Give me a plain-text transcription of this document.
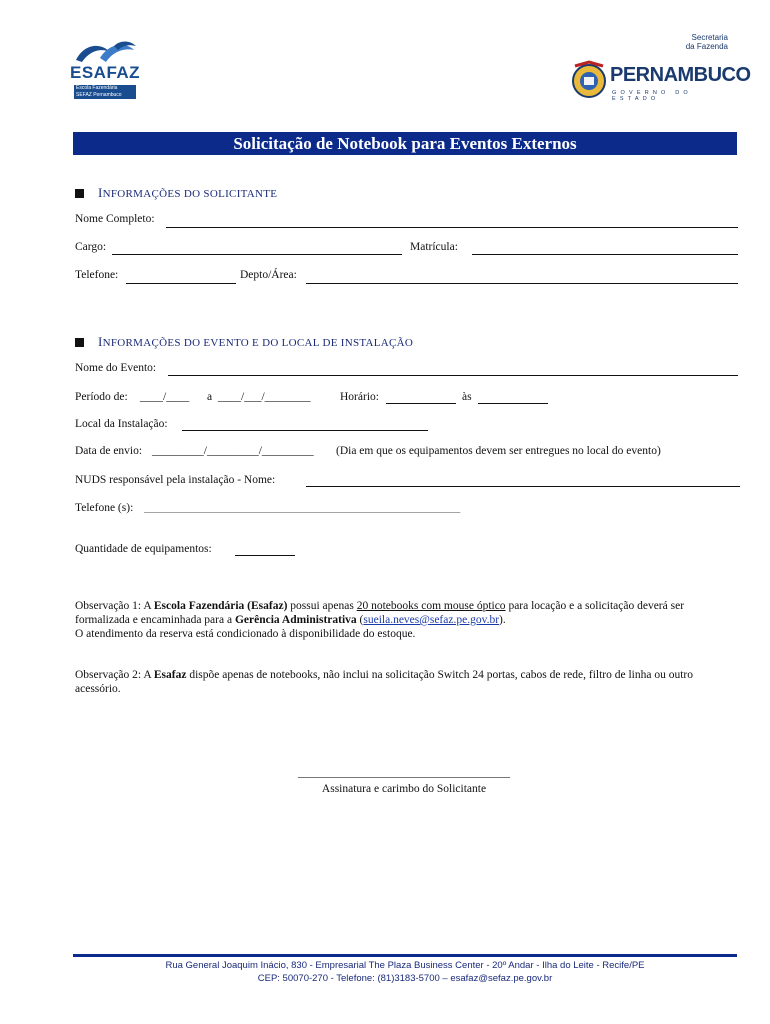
ESAFAZ
Escola Fazendária
SEFAZ Pernambuco
Secretaria
da Fazenda
PERNAMBUCO
GOVERNO DO ESTADO
Solicitação de Notebook para Eventos Externos
INFORMAÇÕES DO SOLICITANTE
Nome Completo:
Cargo:	Matrícula:
Telefone:	Depto/Área:
INFORMAÇÕES DO EVENTO E DO LOCAL DE INSTALAÇÃO
Nome do Evento:
Período de: ____/____ a ____/___/________	Horário:	às
Local da Instalação:
Data de envio: _________/_________/_________ (Dia em que os equipamentos devem ser entregues no local do evento)
NUDS responsável pela instalação - Nome:
Telefone (s): _______________________________________________________
Quantidade de equipamentos:
Observação 1: A Escola Fazendária (Esafaz) possui apenas 20 notebooks com mouse óptico para locação e a solicitação deverá ser formalizada e encaminhada para a Gerência Administrativa (sueila.neves@sefaz.pe.gov.br).
O atendimento da reserva está condicionado à disponibilidade do estoque.
Observação 2: A Esafaz dispõe apenas de notebooks, não inclui na solicitação Switch 24 portas, cabos de rede, filtro de linha ou outro acessório.
Assinatura e carimbo do Solicitante
Rua General Joaquim Inácio, 830 - Empresarial The Plaza Business Center - 20º Andar - Ilha do Leite - Recife/PE
CEP: 50070-270 - Telefone: (81)3183-5700 – esafaz@sefaz.pe.gov.br
